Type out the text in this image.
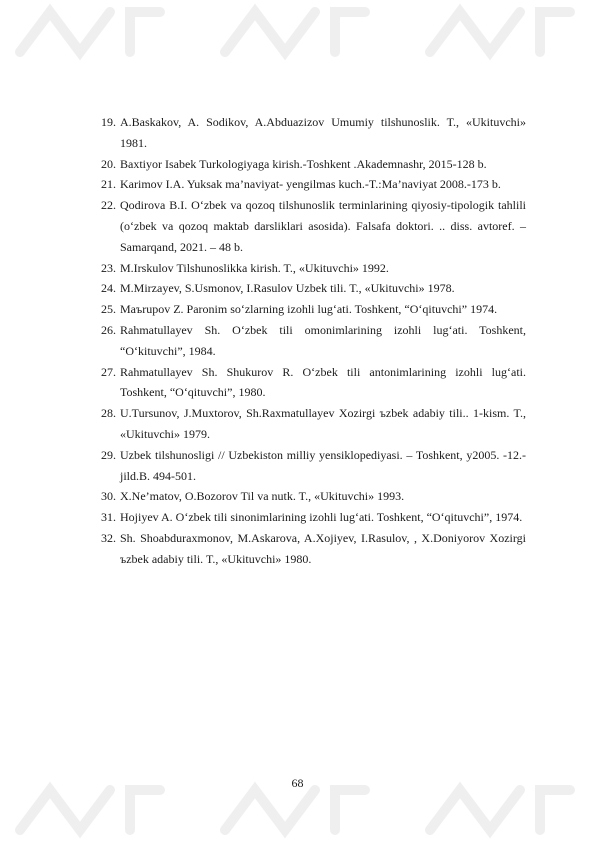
19. A.Baskakov, A. Sodikov, A.Abduazizov Umumiy tilshunoslik. T., «Ukituvchi» 1981.
20. Baxtiyor Isabek Turkologiyaga kirish.-Toshkent .Akademnashr, 2015-128 b.
21. Karimov I.A. Yuksak ma’naviyat- yengilmas kuch.-T.:Ma’naviyat 2008.-173 b.
22. Qodirova B.I. O‘zbek va qozoq tilshunoslik terminlarining qiyosiy-tipologik tahlili (o‘zbek va qozoq maktab darsliklari asosida). Falsafa doktori. .. diss. avtoref. – Samarqand, 2021. – 48 b.
23. M.Irskulov Tilshunoslikka kirish. T., «Ukituvchi» 1992.
24. M.Mirzayev, S.Usmonov, I.Rasulov Uzbek tili. T., «Ukituvchi» 1978.
25. Maъrupov Z. Paronim so‘zlarning izohli lug‘ati. Toshkent, “O‘qituvchi” 1974.
26. Rahmatullayev Sh. O‘zbek tili omonimlarining izohli lug‘ati. Toshkent, “O‘kituvchi”, 1984.
27. Rahmatullayev Sh. Shukurov R. O‘zbek tili antonimlarining izohli lug‘ati. Toshkent, “O‘qituvchi”, 1980.
28. U.Tursunov, J.Muxtorov, Sh.Raxmatullayev Xozirgi ъzbek adabiy tili.. 1-kism. T., «Ukituvchi» 1979.
29. Uzbek tilshunosligi // Uzbekiston milliy yensiklopediyasi. – Toshkent, y2005. -12.-jild.B. 494-501.
30. X.Ne’matov, O.Bozorov Til va nutk. T., «Ukituvchi» 1993.
31. Hojiyev A. O‘zbek tili sinonimlarining izohli lug‘ati. Toshkent, “O‘qituvchi”, 1974.
32. Sh. Shoabduraxmonov, M.Askarova, A.Xojiyev, I.Rasulov, , X.Doniyorov Xozirgi ъzbek adabiy tili. T., «Ukituvchi» 1980.
68
